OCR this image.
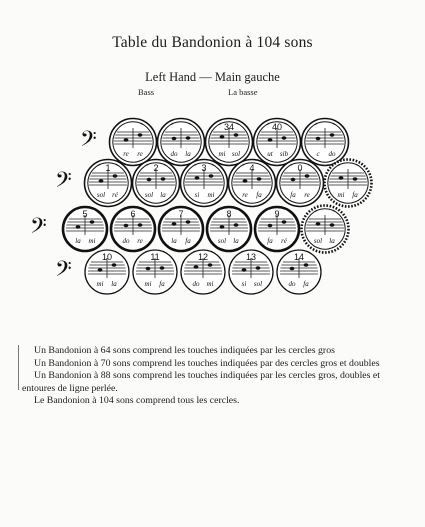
Table du Bandonion à 104 sons
Left Hand — Main gauche
Bass	La basse
𝄢	re re	do la
34
mi sol
40
ut sib	c do
𝄢	1
sol ré
2
sol la
3
si mi
4
re fa
0
fa re	mi fa
𝄢	5
la mi
6
do re
7
la fa
8
sol la
9
fa ré	sol la
𝄢	10
mi la
11
mi fa
12
do mi
13
si sol
14
do fa

Un Bandonion à 64 sons comprend les touches indiquées par les cercles gros

Un Bandonion à 70 sons comprend les touches indiquées par des cercles gros et doubles

Un Bandonion à 88 sons comprend les touches indiquées par les cercles gros, doubles et entoures de ligne perlée.

Le Bandonion à 104 sons comprend tous les cercles.
